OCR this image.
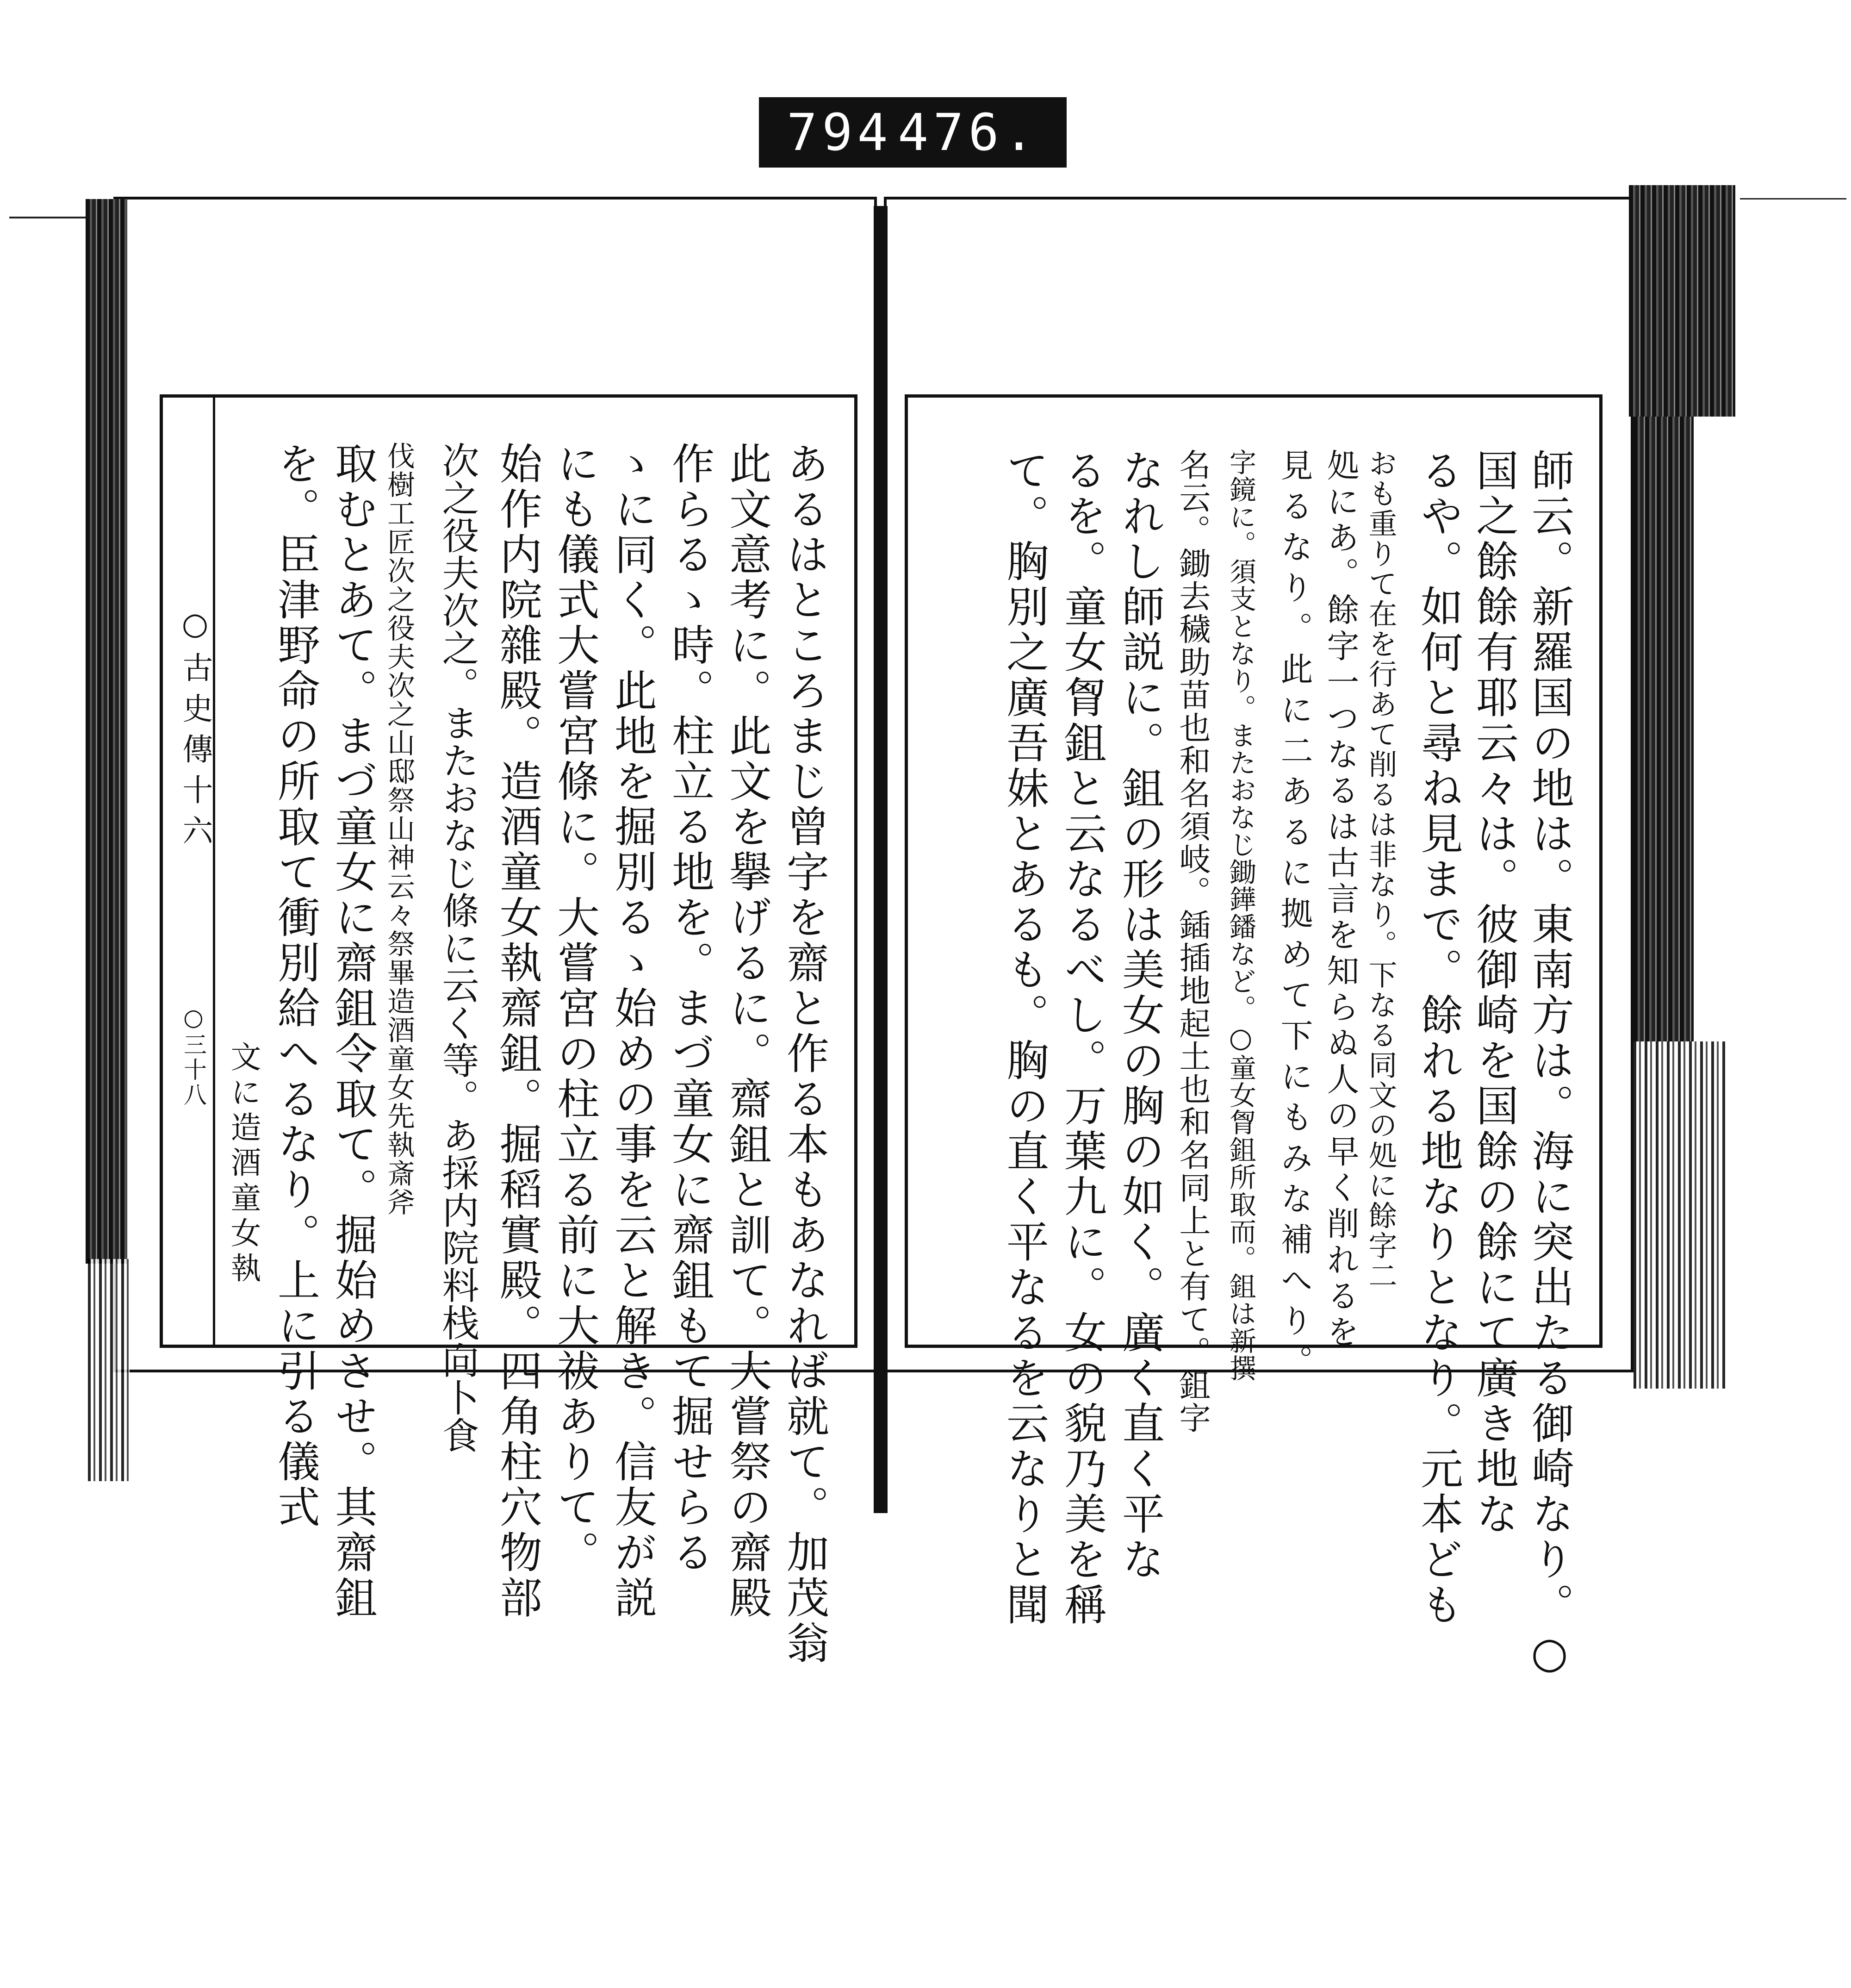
794 476.
○古史傳十六
○三十八	あるはところまじ曾字を齋と作る本もあなれば就て。加茂翁
此文意考に。此文を擧げるに。齋鉏と訓て。大嘗祭の齋殿
作らるゝ時。柱立る地を。まづ童女に齋鉏もて掘せらる
ゝに同く。此地を掘別るゝ始めの事を云と解き。信友が説
にも儀式大嘗宮條に。大嘗宮の柱立る前に大祓ありて。
始作内院雜殿。造酒童女執齋鉏。掘稻實殿。四角柱穴物部
次之役夫次之。またおなじ條に云く等。あ採内院料栈向卜食
伐樹工匠次之役夫次之山邸祭山神云々祭畢造酒童女先執斎斧
取むとあて。まづ童女に齋鉏令取て。掘始めさせ。其齋鉏
を。臣津野命の所取て衝別給へるなり。上に引る儀式
文に造酒童女執	師云。新羅国の地は。東南方は。海に突出たる御崎なり。○
国之餘餘有耶云々は。彼御崎を国餘の餘にて廣き地な
るや。如何と尋ね見まで。餘れる地なりとなり。元本ども
おも重りて在を行あて削るは非なり。下なる同文の処に餘字二
処にあ。餘字一つなるは古言を知らぬ人の早く削れるを
見るなり。此に二あるに拠めて下にもみな補へり。
字鏡に。須支となり。またおなじ鋤鏵鐇など。○童女胷鉏所取而。鉏は新撰
名云。鋤去穢助苗也和名須岐。鍤插地起土也和名同上と有て。鉏字
なれし師説に。鉏の形は美女の胸の如く。廣く直く平な
るを。童女胷鉏と云なるべし。万葉九に。女の貌乃美を稱
て。胸別之廣吾妹とあるも。胸の直く平なるを云なりと聞
